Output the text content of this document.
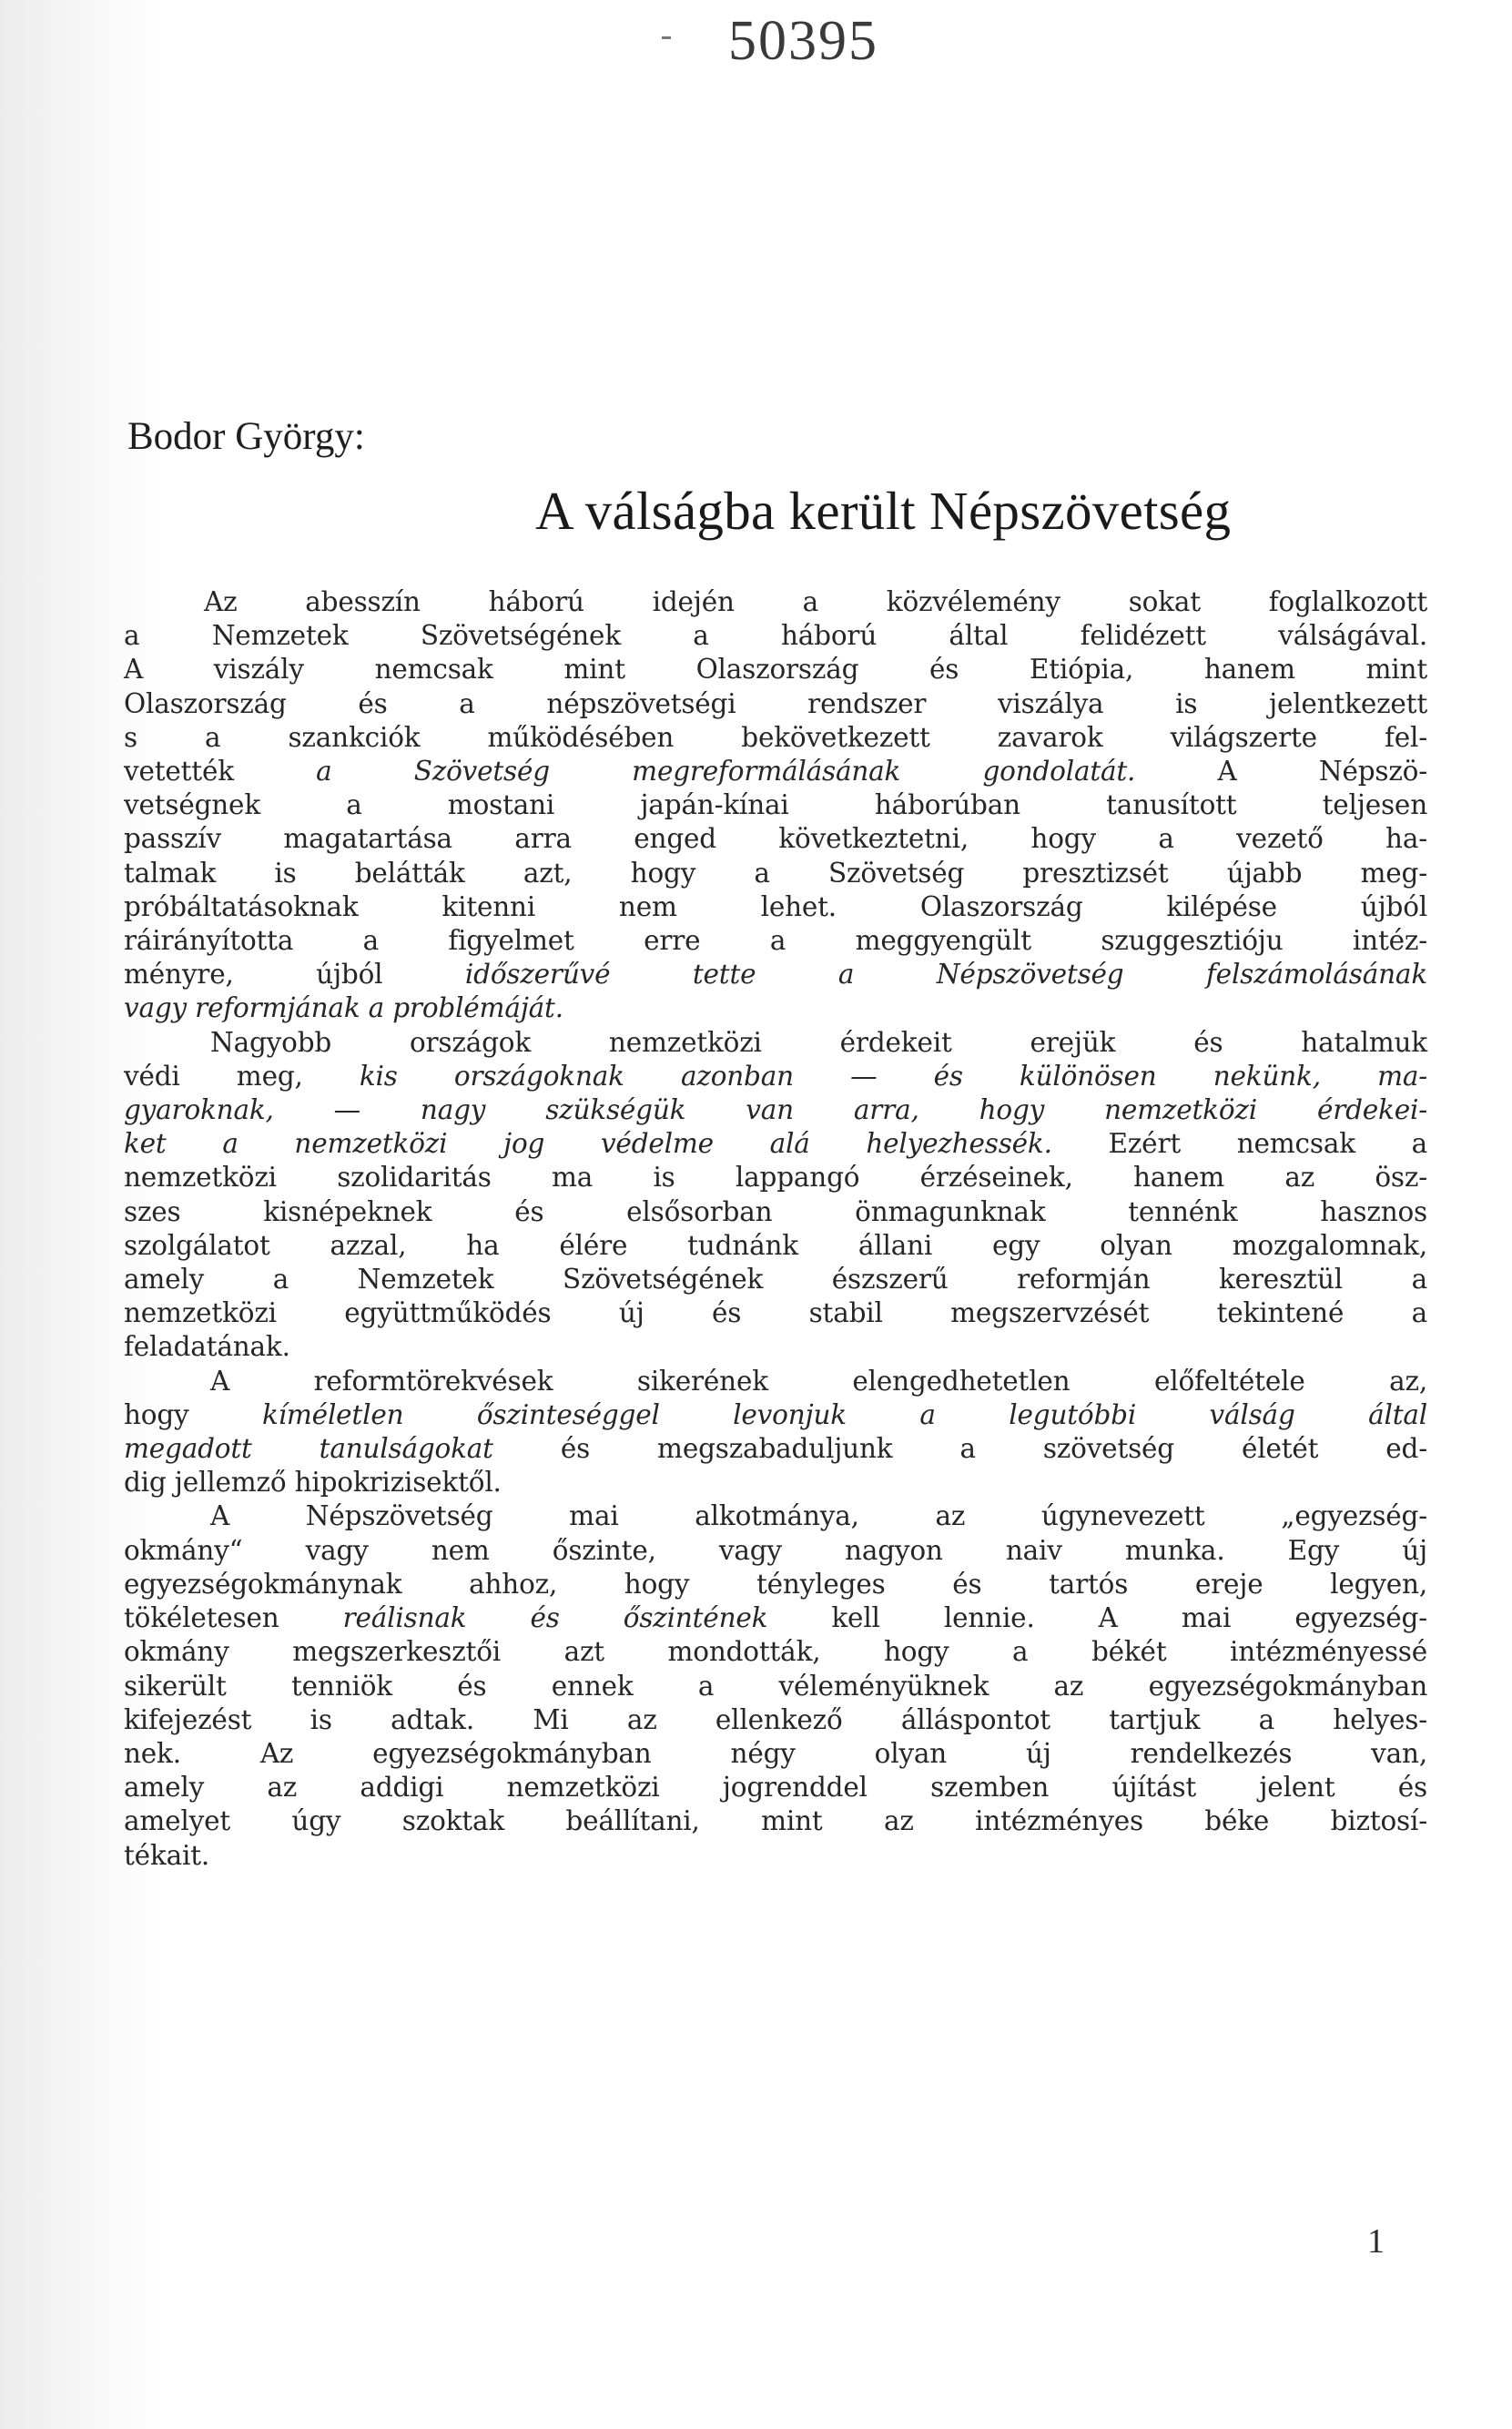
50395
Bodor György:
A válságba került Népszövetség
Az abesszín háború idején a közvélemény sokat foglalkozott
a Nemzetek Szövetségének a háború által felidézett válságával.
A viszály nemcsak mint Olaszország és Etiópia, hanem mint
Olaszország és a népszövetségi rendszer viszálya is jelentkezett
s a szankciók működésében bekövetkezett zavarok világszerte fel-
vetették a Szövetség megreformálásának gondolatát. A Népszö-
vetségnek a mostani japán-kínai háborúban tanusított teljesen
passzív magatartása arra enged következtetni, hogy a vezető ha-
talmak is belátták azt, hogy a Szövetség presztizsét újabb meg-
próbáltatásoknak kitenni nem lehet. Olaszország kilépése újból
ráirányította a figyelmet erre a meggyengült szuggesztióju intéz-
ményre, újból időszerűvé tette a Népszövetség felszámolásának
vagy reformjának a problémáját.
Nagyobb országok nemzetközi érdekeit erejük és hatalmuk
védi meg, kis országoknak azonban — és különösen nekünk, ma-
gyaroknak, — nagy szükségük van arra, hogy nemzetközi érdekei-
ket a nemzetközi jog védelme alá helyezhessék. Ezért nemcsak a
nemzetközi szolidaritás ma is lappangó érzéseinek, hanem az ösz-
szes kisnépeknek és elsősorban önmagunknak tennénk hasznos
szolgálatot azzal, ha élére tudnánk állani egy olyan mozgalomnak,
amely a Nemzetek Szövetségének észszerű reformján keresztül a
nemzetközi együttműködés új és stabil megszervzését tekintené a
feladatának.
A reformtörekvések sikerének elengedhetetlen előfeltétele az,
hogy kíméletlen őszinteséggel levonjuk a legutóbbi válság által
megadott tanulságokat és megszabaduljunk a szövetség életét ed-
dig jellemző hipokrizisektől.
A Népszövetség mai alkotmánya, az úgynevezett „egyezség-
okmány“ vagy nem őszinte, vagy nagyon naiv munka. Egy új
egyezségokmánynak ahhoz, hogy tényleges és tartós ereje legyen,
tökéletesen reálisnak és őszintének kell lennie. A mai egyezség-
okmány megszerkesztői azt mondották, hogy a békét intézményessé
sikerült tenniök és ennek a véleményüknek az egyezségokmányban
kifejezést is adtak. Mi az ellenkező álláspontot tartjuk a helyes-
nek. Az egyezségokmányban négy olyan új rendelkezés van,
amely az addigi nemzetközi jogrenddel szemben újítást jelent és
amelyet úgy szoktak beállítani, mint az intézményes béke biztosí-
tékait.
1
